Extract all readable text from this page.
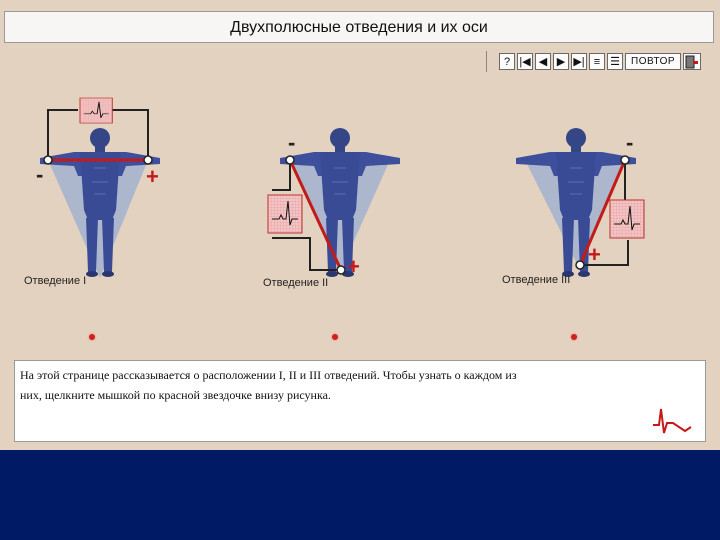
Двухполюсные отведения и их оси
? |◀ ◀ ▶ ▶| ≡ ☰	ПОВТОР
-	+
-
+
-
+
Отведение I	Отведение II	Отведение III
На этой странице рассказывается о расположении I, II и III отведений. Чтобы узнать о каждом из
них, щелкните мышкой по красной звездочке внизу рисунка.
